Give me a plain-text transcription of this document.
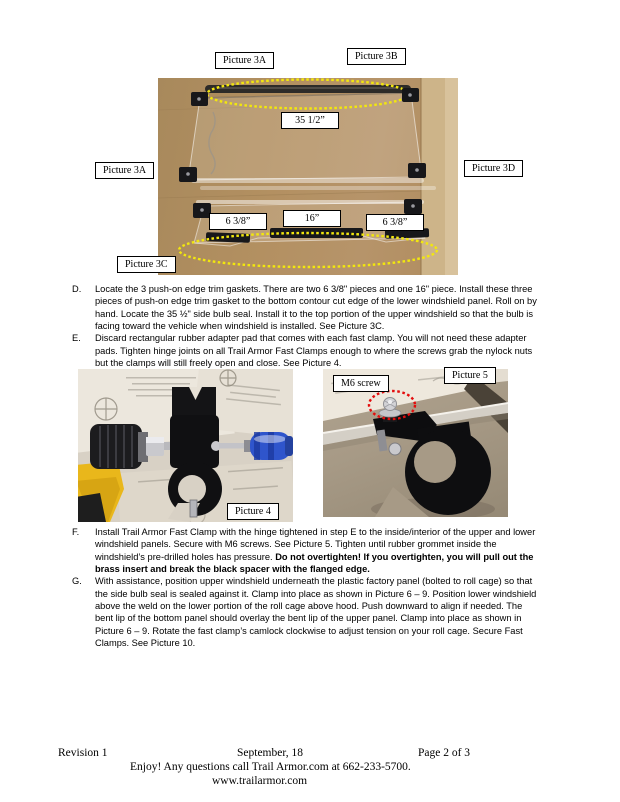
Picture 3A	Picture 3B
35 1/2”
Picture 3A	Picture 3D
6 3/8”	16”	6 3/8”
Picture 3C
D. Locate the 3 push-on edge trim gaskets. There are two 6 3/8" pieces and one 16" piece. Install these three pieces of push-on edge trim gasket to the bottom contour cut edge of the lower windshield panel. Roll on by hand. Locate the 35 ½" side bulb seal. Install it to the top portion of the upper windshield so that the bulb is facing toward the vehicle when windshield is installed. See Picture 3C.
E. Discard rectangular rubber adapter pad that comes with each fast clamp. You will not need these adapter pads. Tighten hinge joints on all Trail Armor Fast Clamps enough to where the screws grab the nylock nuts but the clamps will still freely open and close. See Picture 4.
Picture 4
M6 screw
Picture 5
F. Install Trail Armor Fast Clamp with the hinge tightened in step E to the inside/interior of the upper and lower windshield panels. Secure with M6 screws. See Picture 5. Tighten until rubber grommet inside the windshield’s pre-drilled holes has pressure. Do not overtighten! If you overtighten, you will pull out the brass insert and break the black spacer with the flanged edge.
G. With assistance, position upper windshield underneath the plastic factory panel (bolted to roll cage) so that the side bulb seal is sealed against it. Clamp into place as shown in Picture 6 – 9. Position lower windshield above the weld on the lower portion of the roll cage above hood. Push downward to align if needed. The bent lip of the bottom panel should overlay the bent lip of the upper panel. Clamp into place as shown in Picture 6 – 9. Rotate the fast clamp’s camlock clockwise to adjust tension on your roll cage. Secure Fast Clamps. See Picture 10.
Revision 1	September, 18	Page 2 of 3
Enjoy! Any questions call Trail Armor.com at 662-233-5700.
www.trailarmor.com
